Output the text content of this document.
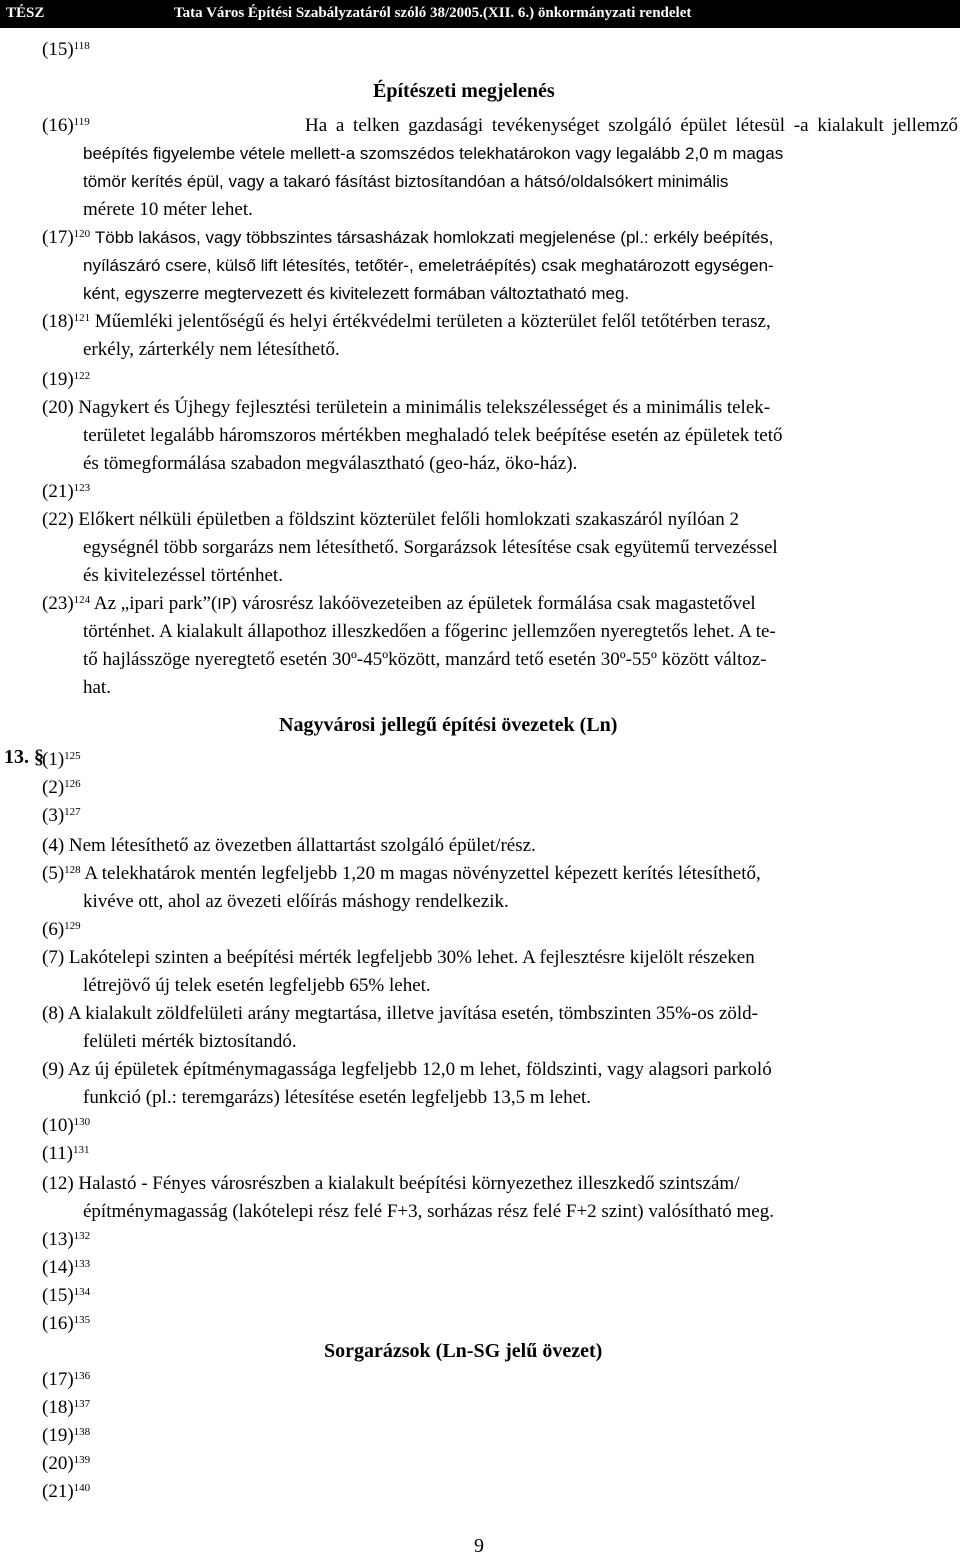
TÉSZ	Tata Város Építési Szabályzatáról szóló 38/2005.(XII. 6.) önkormányzati rendelet
$(15)^{118}$
Építészeti megjelenés
$(16)^{119}$	Ha a telken gazdasági tevékenységet szolgáló épület létesül -a kialakult jellemző
beépítés figyelembe vétele mellett-a szomszédos telekhatárokon vagy legalább 2,0 m magas
tömör kerítés épül, vagy a takaró fásítást biztosítandóan a hátsó/oldalsókert minimális
mérete 10 méter lehet.
$(17)^{120}$ Több lakásos, vagy többszintes társasházak homlokzati megjelenése (pl.: erkély beépítés,
nyílászáró csere, külső lift létesítés, tetőtér-, emeletráépítés) csak meghatározott egységen-
ként, egyszerre megtervezett és kivitelezett formában változtatható meg.
$(18)^{121}$ Műemléki jelentőségű és helyi értékvédelmi területen a közterület felől tetőtérben terasz,
erkély, zárterkély nem létesíthető.
$(19)^{122}$
(20) Nagykert és Újhegy fejlesztési területein a minimális telekszélességet és a minimális telek-
területet legalább háromszoros mértékben meghaladó telek beépítése esetén az épületek tető
és tömegformálása szabadon megválasztható (geo-ház, öko-ház).
$(21)^{123}$
(22) Előkert nélküli épületben a földszint közterület felőli homlokzati szakaszáról nyílóan 2
egységnél több sorgarázs nem létesíthető. Sorgarázsok létesítése csak együtemű tervezéssel
és kivitelezéssel történhet.
$(23)^{124}$ Az „ipari park”(IP) városrész lakóövezeteiben az épületek formálása csak magastetővel
történhet. A kialakult állapothoz illeszkedően a főgerinc jellemzően nyeregtetős lehet. A te-
tő hajlásszöge nyeregtető esetén 30º-45ºközött, manzárd tető esetén 30º-55º között változ-
hat.
Nagyvárosi jellegű építési övezetek (Ln)
13. §
$(1)^{125}$
$(2)^{126}$
$(3)^{127}$
(4) Nem létesíthető az övezetben állattartást szolgáló épület/rész.
$(5)^{128}$ A telekhatárok mentén legfeljebb 1,20 m magas növényzettel képezett kerítés létesíthető,
kivéve ott, ahol az övezeti előírás máshogy rendelkezik.
$(6)^{129}$
(7) Lakótelepi szinten a beépítési mérték legfeljebb 30% lehet. A fejlesztésre kijelölt részeken
létrejövő új telek esetén legfeljebb 65% lehet.
(8) A kialakult zöldfelületi arány megtartása, illetve javítása esetén, tömbszinten 35%-os zöld-
felületi mérték biztosítandó.
(9) Az új épületek építménymagassága legfeljebb 12,0 m lehet, földszinti, vagy alagsori parkoló
funkció (pl.: teremgarázs) létesítése esetén legfeljebb 13,5 m lehet.
$(10)^{130}$
$(11)^{131}$
(12) Halastó - Fényes városrészben a kialakult beépítési környezethez illeszkedő szintszám/
építménymagasság (lakótelepi rész felé F+3, sorházas rész felé F+2 szint) valósítható meg.
$(13)^{132}$
$(14)^{133}$
$(15)^{134}$
$(16)^{135}$
Sorgarázsok (Ln-SG jelű övezet)
$(17)^{136}$
$(18)^{137}$
$(19)^{138}$
$(20)^{139}$
$(21)^{140}$
9
